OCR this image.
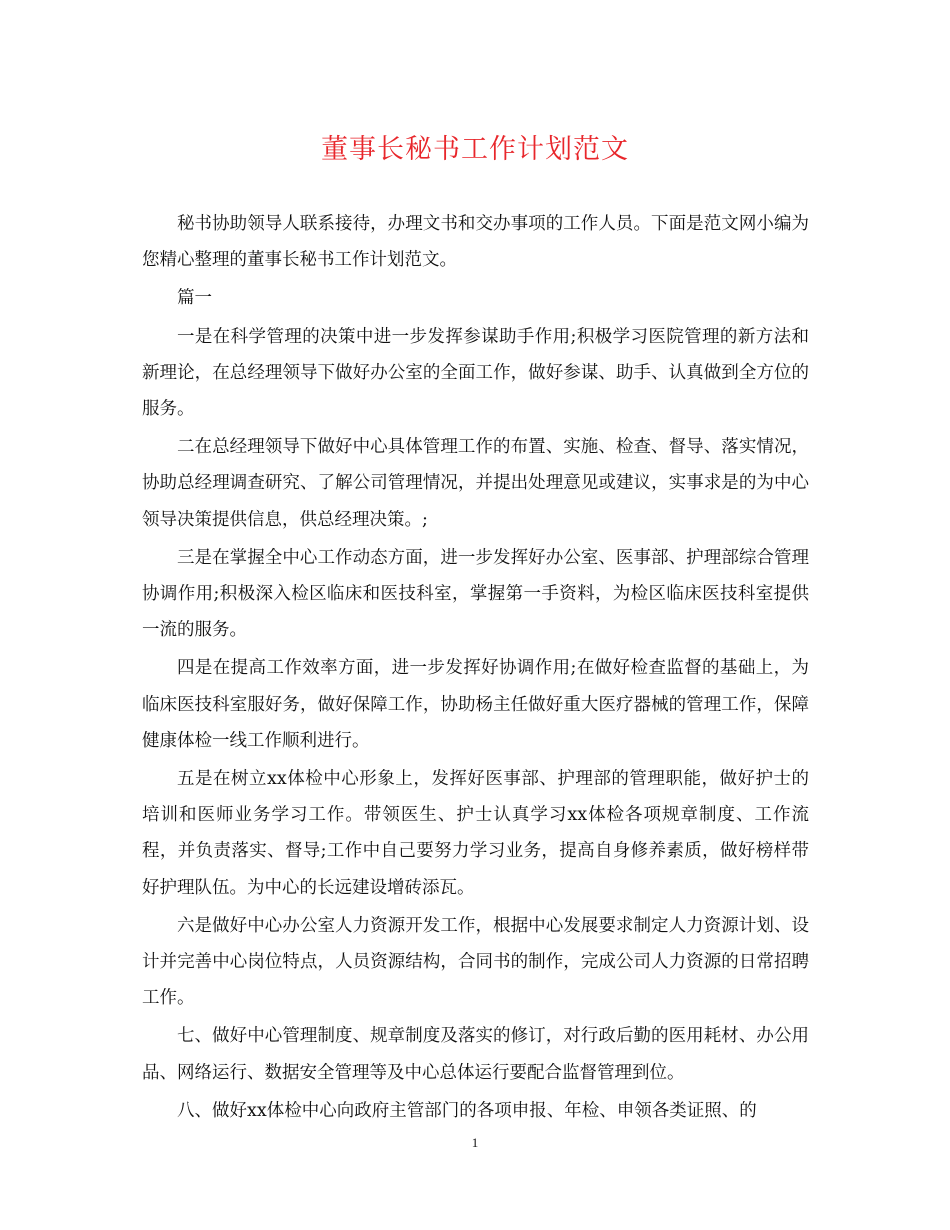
董事长秘书工作计划范文

秘书协助领导人联系接待，办理文书和交办事项的工作人员。下面是范文网小编为您精心整理的董事长秘书工作计划范文。

篇一

一是在科学管理的决策中进一步发挥参谋助手作用;积极学习医院管理的新方法和新理论，在总经理领导下做好办公室的全面工作，做好参谋、助手、认真做到全方位的服务。

二在总经理领导下做好中心具体管理工作的布置、实施、检查、督导、落实情况，协助总经理调查研究、了解公司管理情况，并提出处理意见或建议，实事求是的为中心领导决策提供信息，供总经理决策。;

三是在掌握全中心工作动态方面，进一步发挥好办公室、医事部、护理部综合管理协调作用;积极深入检区临床和医技科室，掌握第一手资料，为检区临床医技科室提供一流的服务。

四是在提高工作效率方面，进一步发挥好协调作用;在做好检查监督的基础上，为临床医技科室服好务，做好保障工作，协助杨主任做好重大医疗器械的管理工作，保障健康体检一线工作顺利进行。

五是在树立xx体检中心形象上，发挥好医事部、护理部的管理职能，做好护士的培训和医师业务学习工作。带领医生、护士认真学习xx体检各项规章制度、工作流程，并负责落实、督导;工作中自己要努力学习业务，提高自身修养素质，做好榜样带好护理队伍。为中心的长远建设增砖添瓦。

六是做好中心办公室人力资源开发工作，根据中心发展要求制定人力资源计划、设计并完善中心岗位特点，人员资源结构，合同书的制作，完成公司人力资源的日常招聘工作。

七、做好中心管理制度、规章制度及落实的修订，对行政后勤的医用耗材、办公用品、网络运行、数据安全管理等及中心总体运行要配合监督管理到位。

八、做好xx体检中心向政府主管部门的各项申报、年检、申领各类证照、的

1
